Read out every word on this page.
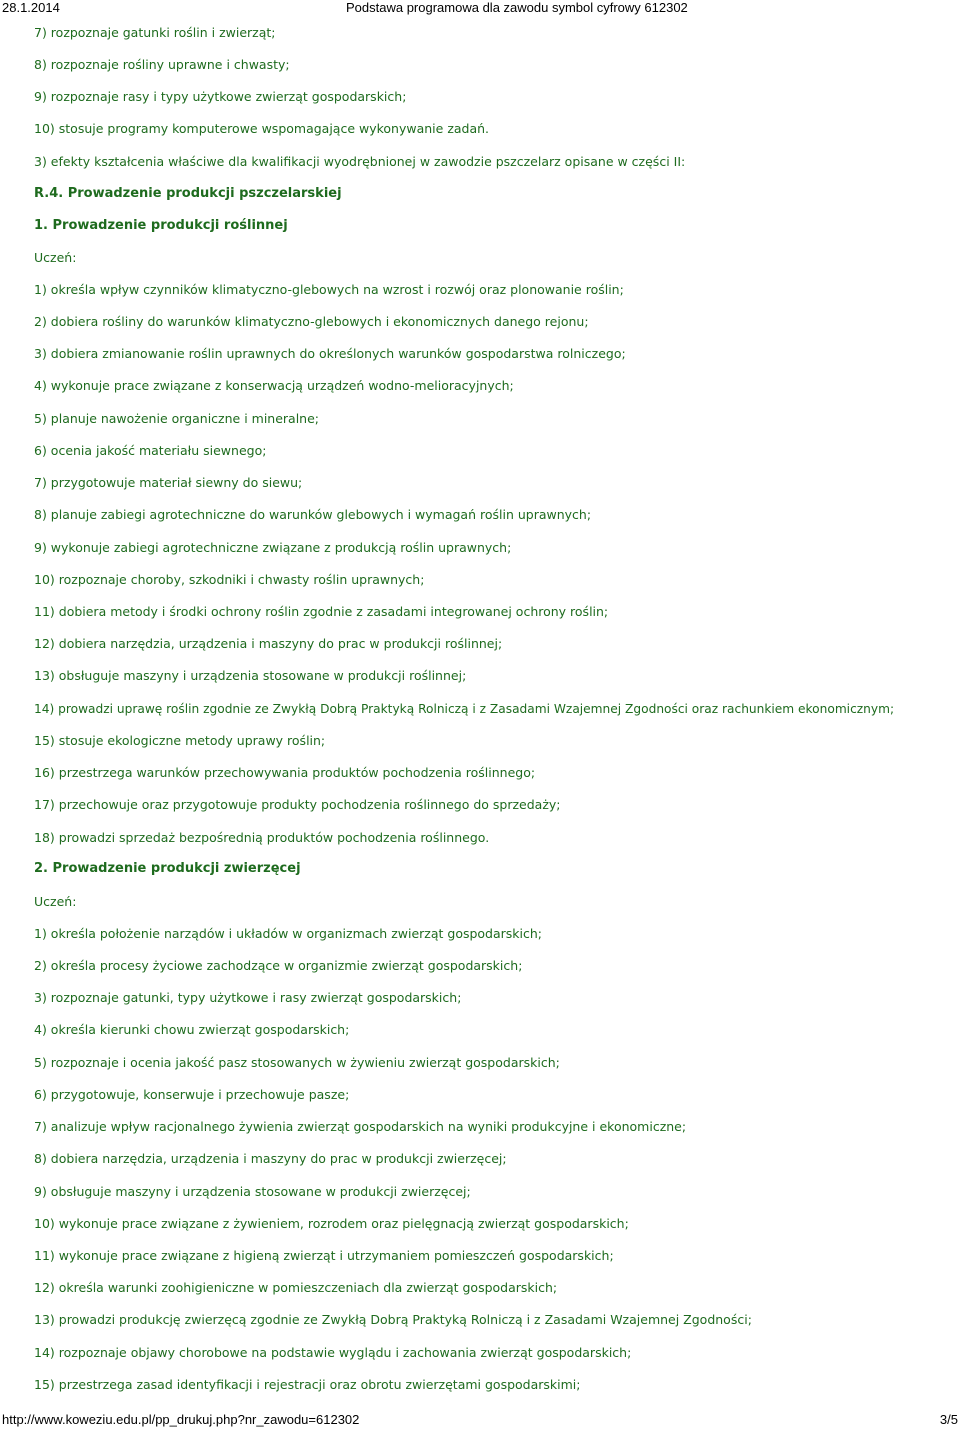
28.1.2014	Podstawa programowa dla zawodu symbol cyfrowy 612302
7) rozpoznaje gatunki roślin i zwierząt;
8) rozpoznaje rośliny uprawne i chwasty;
9) rozpoznaje rasy i typy użytkowe zwierząt gospodarskich;
10) stosuje programy komputerowe wspomagające wykonywanie zadań.
3) efekty kształcenia właściwe dla kwalifikacji wyodrębnionej w zawodzie pszczelarz opisane w części II:
R.4. Prowadzenie produkcji pszczelarskiej
1. Prowadzenie produkcji roślinnej
Uczeń:
1) określa wpływ czynników klimatyczno-glebowych na wzrost i rozwój oraz plonowanie roślin;
2) dobiera rośliny do warunków klimatyczno-glebowych i ekonomicznych danego rejonu;
3) dobiera zmianowanie roślin uprawnych do określonych warunków gospodarstwa rolniczego;
4) wykonuje prace związane z konserwacją urządzeń wodno-melioracyjnych;
5) planuje nawożenie organiczne i mineralne;
6) ocenia jakość materiału siewnego;
7) przygotowuje materiał siewny do siewu;
8) planuje zabiegi agrotechniczne do warunków glebowych i wymagań roślin uprawnych;
9) wykonuje zabiegi agrotechniczne związane z produkcją roślin uprawnych;
10) rozpoznaje choroby, szkodniki i chwasty roślin uprawnych;
11) dobiera metody i środki ochrony roślin zgodnie z zasadami integrowanej ochrony roślin;
12) dobiera narzędzia, urządzenia i maszyny do prac w produkcji roślinnej;
13) obsługuje maszyny i urządzenia stosowane w produkcji roślinnej;
14) prowadzi uprawę roślin zgodnie ze Zwykłą Dobrą Praktyką Rolniczą i z Zasadami Wzajemnej Zgodności oraz rachunkiem ekonomicznym;
15) stosuje ekologiczne metody uprawy roślin;
16) przestrzega warunków przechowywania produktów pochodzenia roślinnego;
17) przechowuje oraz przygotowuje produkty pochodzenia roślinnego do sprzedaży;
18) prowadzi sprzedaż bezpośrednią produktów pochodzenia roślinnego.
2. Prowadzenie produkcji zwierzęcej
Uczeń:
1) określa położenie narządów i układów w organizmach zwierząt gospodarskich;
2) określa procesy życiowe zachodzące w organizmie zwierząt gospodarskich;
3) rozpoznaje gatunki, typy użytkowe i rasy zwierząt gospodarskich;
4) określa kierunki chowu zwierząt gospodarskich;
5) rozpoznaje i ocenia jakość pasz stosowanych w żywieniu zwierząt gospodarskich;
6) przygotowuje, konserwuje i przechowuje pasze;
7) analizuje wpływ racjonalnego żywienia zwierząt gospodarskich na wyniki produkcyjne i ekonomiczne;
8) dobiera narzędzia, urządzenia i maszyny do prac w produkcji zwierzęcej;
9) obsługuje maszyny i urządzenia stosowane w produkcji zwierzęcej;
10) wykonuje prace związane z żywieniem, rozrodem oraz pielęgnacją zwierząt gospodarskich;
11) wykonuje prace związane z higieną zwierząt i utrzymaniem pomieszczeń gospodarskich;
12) określa warunki zoohigieniczne w pomieszczeniach dla zwierząt gospodarskich;
13) prowadzi produkcję zwierzęcą zgodnie ze Zwykłą Dobrą Praktyką Rolniczą i z Zasadami Wzajemnej Zgodności;
14) rozpoznaje objawy chorobowe na podstawie wyglądu i zachowania zwierząt gospodarskich;
15) przestrzega zasad identyfikacji i rejestracji oraz obrotu zwierzętami gospodarskimi;
http://www.koweziu.edu.pl/pp_drukuj.php?nr_zawodu=612302	3/5
